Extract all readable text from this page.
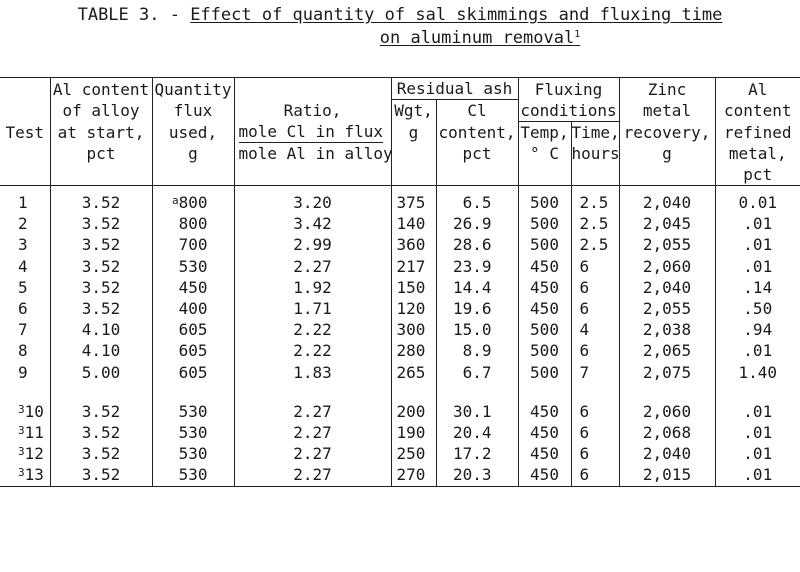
TABLE 3. - Effect of quantity of sal skimmings and fluxing time
on aluminum removal$^1$

Test	Al content	Quantity		Residual ash		Fluxing		Zinc	Al
	of alloy	flux	Ratio,	Wgt,	Cl	conditions		metal	content
	at start,	used,	mole Cl in flux	g	content,	Temp,	Time,	recovery,	refined
	pct	g	mole Al in alloy		pct	° C	hours	g	metal,
									pct

1	3.52	$^a$800	3.20	375	6.5	500	2.5	2,040	0.01
2	3.52	800	3.42	140	26.9	500	2.5	2,045	.01
3	3.52	700	2.99	360	28.6	500	2.5	2,055	.01
4	3.52	530	2.27	217	23.9	450	6	2,060	.01
5	3.52	450	1.92	150	14.4	450	6	2,040	.14
6	3.52	400	1.71	120	19.6	450	6	2,055	.50
7	4.10	605	2.22	300	15.0	500	4	2,038	.94
8	4.10	605	2.22	280	8.9	500	6	2,065	.01
9	5.00	605	1.83	265	6.7	500	7	2,075	1.40

$^3$10	3.52	530	2.27	200	30.1	450	6	2,060	.01
$^3$11	3.52	530	2.27	190	20.4	450	6	2,068	.01
$^3$12	3.52	530	2.27	250	17.2	450	6	2,040	.01
$^3$13	3.52	530	2.27	270	20.3	450	6	2,015	.01
